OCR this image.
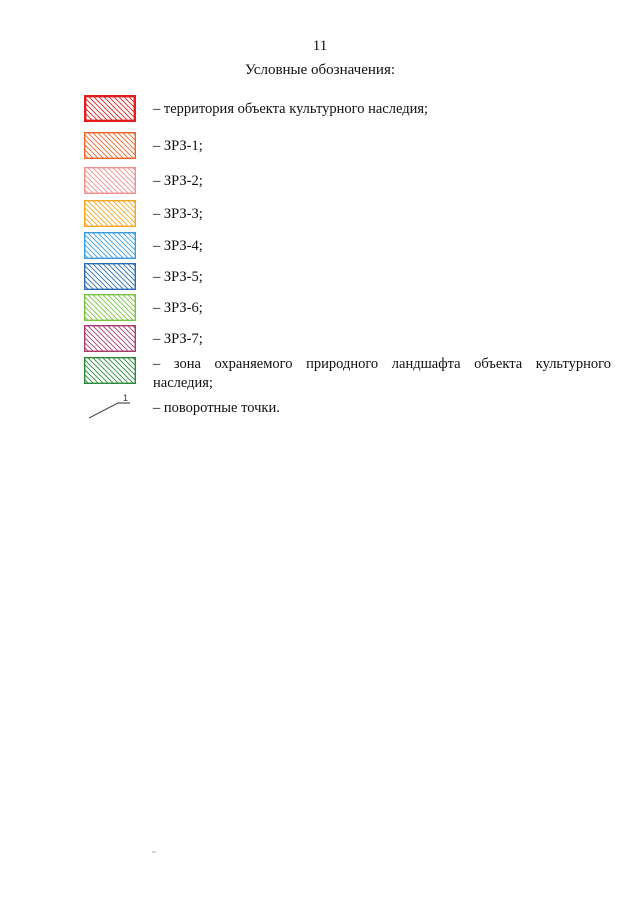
11
Условные обозначения:
– территория объекта культурного наследия;
– ЗРЗ-1;
– ЗРЗ-2;
– ЗРЗ-3;
– ЗРЗ-4;
– ЗРЗ-5;
– ЗРЗ-6;
– ЗРЗ-7;
– зона охраняемого природного ландшафта объекта культурного наследия;
1
– поворотные точки.
